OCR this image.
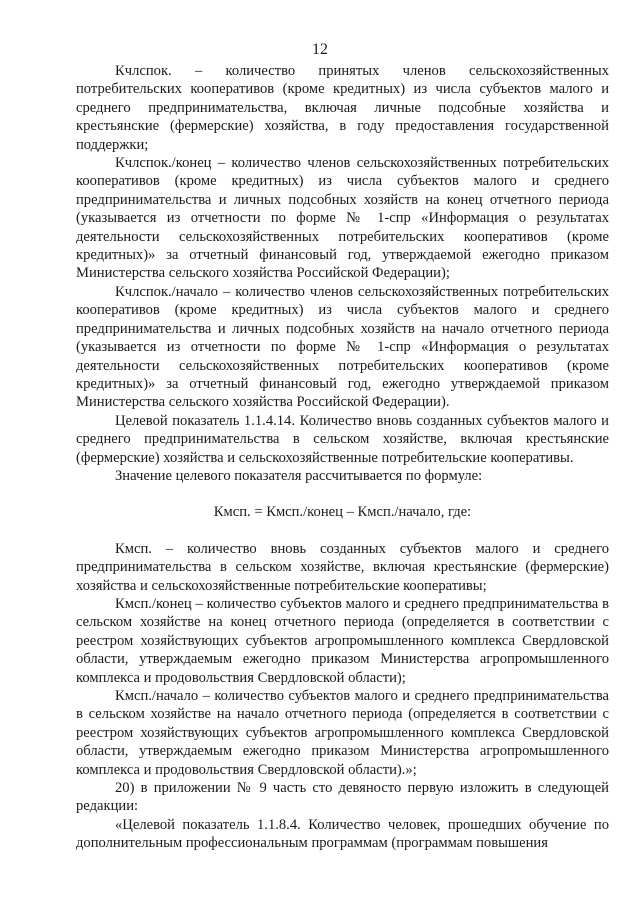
12

Кчлспок. – количество принятых членов сельскохозяйственных потребительских кооперативов (кроме кредитных) из числа субъектов малого и среднего предпринимательства, включая личные подсобные хозяйства и крестьянские (фермерские) хозяйства, в году предоставления государственной поддержки;

Кчлспок./конец – количество членов сельскохозяйственных потребительских кооперативов (кроме кредитных) из числа субъектов малого и среднего предпринимательства и личных подсобных хозяйств на конец отчетного периода (указывается из отчетности по форме № 1-спр «Информация о результатах деятельности сельскохозяйственных потребительских кооперативов (кроме кредитных)» за отчетный финансовый год, утверждаемой ежегодно приказом Министерства сельского хозяйства Российской Федерации);

Кчлспок./начало – количество членов сельскохозяйственных потребительских кооперативов (кроме кредитных) из числа субъектов малого и среднего предпринимательства и личных подсобных хозяйств на начало отчетного периода (указывается из отчетности по форме № 1-спр «Информация о результатах деятельности сельскохозяйственных потребительских кооперативов (кроме кредитных)» за отчетный финансовый год, ежегодно утверждаемой приказом Министерства сельского хозяйства Российской Федерации).

Целевой показатель 1.1.4.14. Количество вновь созданных субъектов малого и среднего предпринимательства в сельском хозяйстве, включая крестьянские (фермерские) хозяйства и сельскохозяйственные потребительские кооперативы.

Значение целевого показателя рассчитывается по формуле:

Кмсп. = Кмсп./конец – Кмсп./начало, где:

Кмсп. – количество вновь созданных субъектов малого и среднего предпринимательства в сельском хозяйстве, включая крестьянские (фермерские) хозяйства и сельскохозяйственные потребительские кооперативы;

Кмсп./конец – количество субъектов малого и среднего предпринимательства в сельском хозяйстве на конец отчетного периода (определяется в соответствии с реестром хозяйствующих субъектов агропромышленного комплекса Свердловской области, утверждаемым ежегодно приказом Министерства агропромышленного комплекса и продовольствия Свердловской области);

Кмсп./начало – количество субъектов малого и среднего предпринимательства в сельском хозяйстве на начало отчетного периода (определяется в соответствии с реестром хозяйствующих субъектов агропромышленного комплекса Свердловской области, утверждаемым ежегодно приказом Министерства агропромышленного комплекса и продовольствия Свердловской области).»;

20) в приложении № 9 часть сто девяносто первую изложить в следующей редакции:

«Целевой показатель 1.1.8.4. Количество человек, прошедших обучение по дополнительным профессиональным программам (программам повышения
